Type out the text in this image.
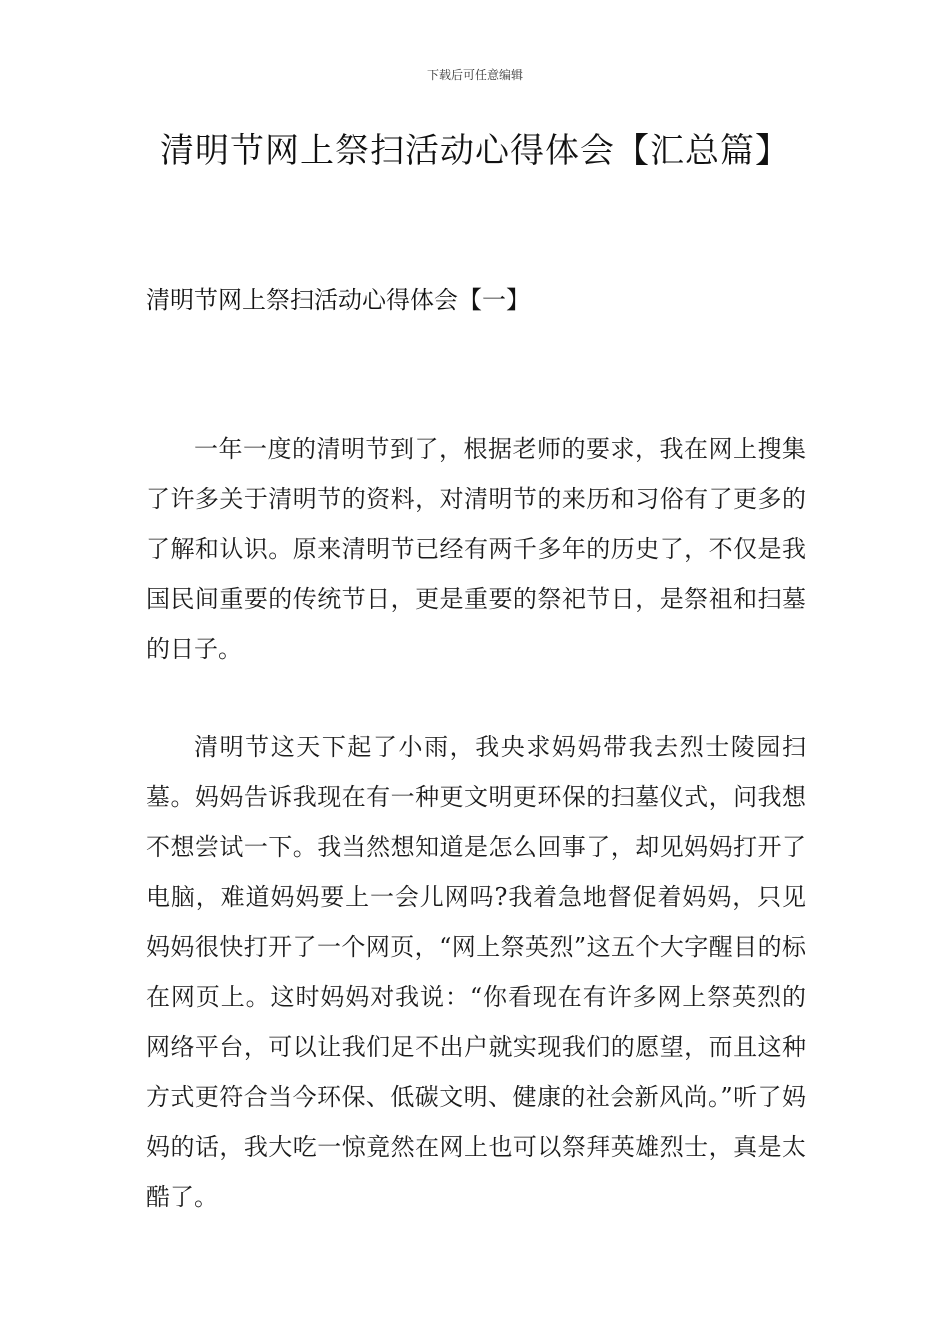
下载后可任意编辑
清明节网上祭扫活动心得体会【汇总篇】
清明节网上祭扫活动心得体会【一】

一年一度的清明节到了，根据老师的要求，我在网上搜集了许多关于清明节的资料，对清明节的来历和习俗有了更多的了解和认识。原来清明节已经有两千多年的历史了，不仅是我国民间重要的传统节日，更是重要的祭祀节日，是祭祖和扫墓的日子。

清明节这天下起了小雨，我央求妈妈带我去烈士陵园扫墓。妈妈告诉我现在有一种更文明更环保的扫墓仪式，问我想不想尝试一下。我当然想知道是怎么回事了，却见妈妈打开了电脑，难道妈妈要上一会儿网吗?我着急地督促着妈妈，只见妈妈很快打开了一个网页，“网上祭英烈”这五个大字醒目的标在网页上。这时妈妈对我说：“你看现在有许多网上祭英烈的网络平台，可以让我们足不出户就实现我们的愿望，而且这种方式更符合当今环保、低碳文明、健康的社会新风尚。”听了妈妈的话，我大吃一惊竟然在网上也可以祭拜英雄烈士，真是太酷了。
